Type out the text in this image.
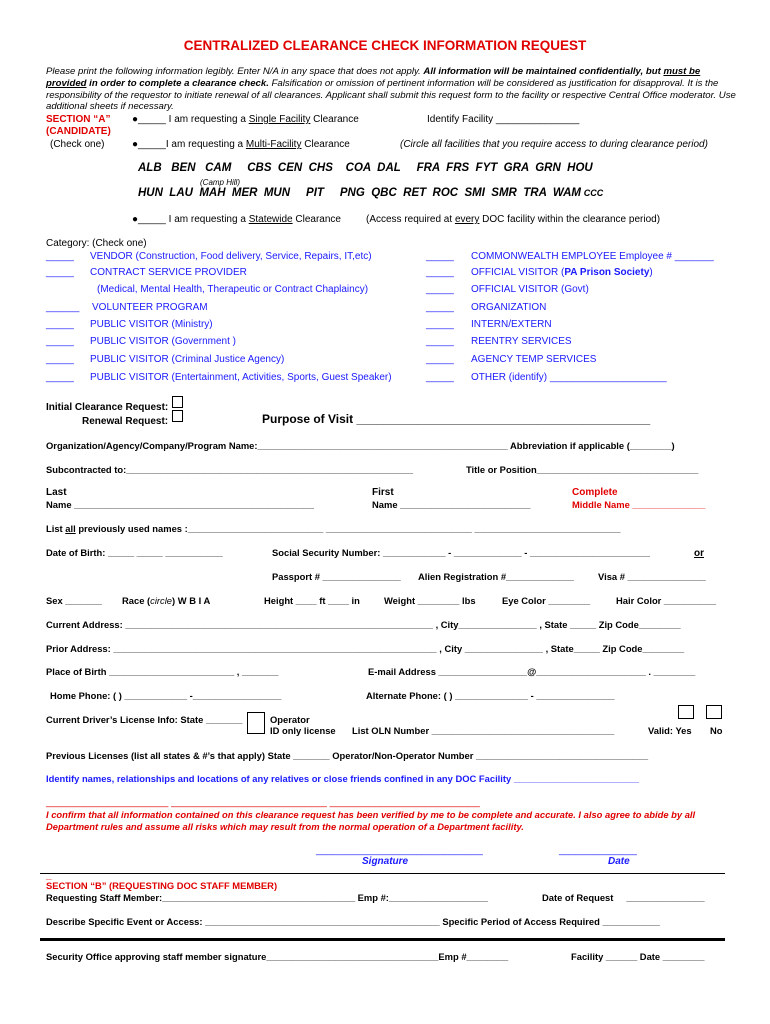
CENTRALIZED CLEARANCE CHECK INFORMATION REQUEST
Please print the following information legibly. Enter N/A in any space that does not apply. All information will be maintained confidentially, but must be provided in order to complete a clearance check. Falsification or omission of pertinent information will be considered as justification for disapproval. It is the responsibility of the requestor to initiate renewal of all clearances. Applicant shall submit this request form to the facility or respective Central Office moderator. Use additional sheets if necessary.
SECTION “A”
(CANDIDATE)
(Check one)
●_____ I am requesting a Single Facility Clearance	Identify Facility _______________
●_____I am requesting a Multi-Facility Clearance	(Circle all facilities that you require access to during clearance period)
ALB   BEN   CAM     CBS  CEN  CHS    COA  DAL     FRA  FRS  FYT  GRA  GRN  HOU
(Camp Hill)
HUN  LAU  MAH  MER  MUN     PIT     PNG  QBC  RET  ROC  SMI  SMR  TRA  WAM CCC
●_____ I am requesting a Statewide Clearance	(Access required at every DOC facility within the clearance period)
Category: (Check one)
_____ VENDOR (Construction, Food delivery, Service, Repairs, IT,etc)
_____ CONTRACT SERVICE PROVIDER
(Medical, Mental Health, Therapeutic or Contract Chaplaincy)
______ VOLUNTEER PROGRAM
_____ PUBLIC VISITOR (Ministry)
_____ PUBLIC VISITOR (Government )
_____ PUBLIC VISITOR (Criminal Justice Agency)
_____ PUBLIC VISITOR (Entertainment, Activities, Sports, Guest Speaker)
_____ COMMONWEALTH EMPLOYEE Employee # _______
_____ OFFICIAL VISITOR (PA Prison Society)
_____ OFFICIAL VISITOR (Govt)
_____ ORGANIZATION
_____ INTERN/EXTERN
_____ REENTRY SERVICES
_____ AGENCY TEMP SERVICES
_____ OTHER (identify) _____________________
Initial Clearance Request:
Renewal Request:	Purpose of Visit ____________________________________________
Organization/Agency/Company/Program Name:________________________________________________ Abbreviation if applicable (________)
Subcontracted to:_______________________________________________________	Title or Position_______________________________
Last
Name ______________________________________________
First
Name _________________________
Complete
Middle Name ______________
List all previously used names :__________________________ ____________________________ ____________________________
Date of Birth: _____ _____ ___________	Social Security Number: ____________ - _____________ - _______________________	or
Passport # _______________ Alien Registration #_____________	Visa # _______________
Sex _______ Race (circle) W B I A	Height ____ ft ____ in	Weight ________ lbs	Eye Color ________	Hair Color __________
Current Address: ___________________________________________________________ , City_______________ , State _____ Zip Code________
Prior Address: ______________________________________________________________ , City _______________ , State_____ Zip Code________
Place of Birth ________________________ , _______	E-mail Address _________________@_____________________ . ________
Home Phone: ( ) ____________ -_________________	Alternate Phone: ( ) ______________ - _______________
Current Driver’s License Info: State _______	Operator
ID only license List OLN Number ___________________________________	Valid: Yes No
Previous Licenses (list all states & #’s that apply) State _______ Operator/Non-Operator Number _________________________________
Identify names, relationships and locations of any relatives or close friends confined in any DOC Facility ________________________
______________________ ____________________________ ___________________________
I confirm that all information contained on this clearance request has been verified by me to be complete and accurate. I also agree to abide by all Department rules and assume all risks which may result from the normal operation of a Department facility.
______________________________	______________
Signature	Date
_
SECTION “B” (REQUESTING DOC STAFF MEMBER)
Requesting Staff Member:_____________________________________ Emp #:___________________	Date of Request     _______________
Describe Specific Event or Access: _____________________________________________ Specific Period of Access Required ___________
Security Office approving staff member signature_________________________________Emp #________	Facility ______ Date ________
